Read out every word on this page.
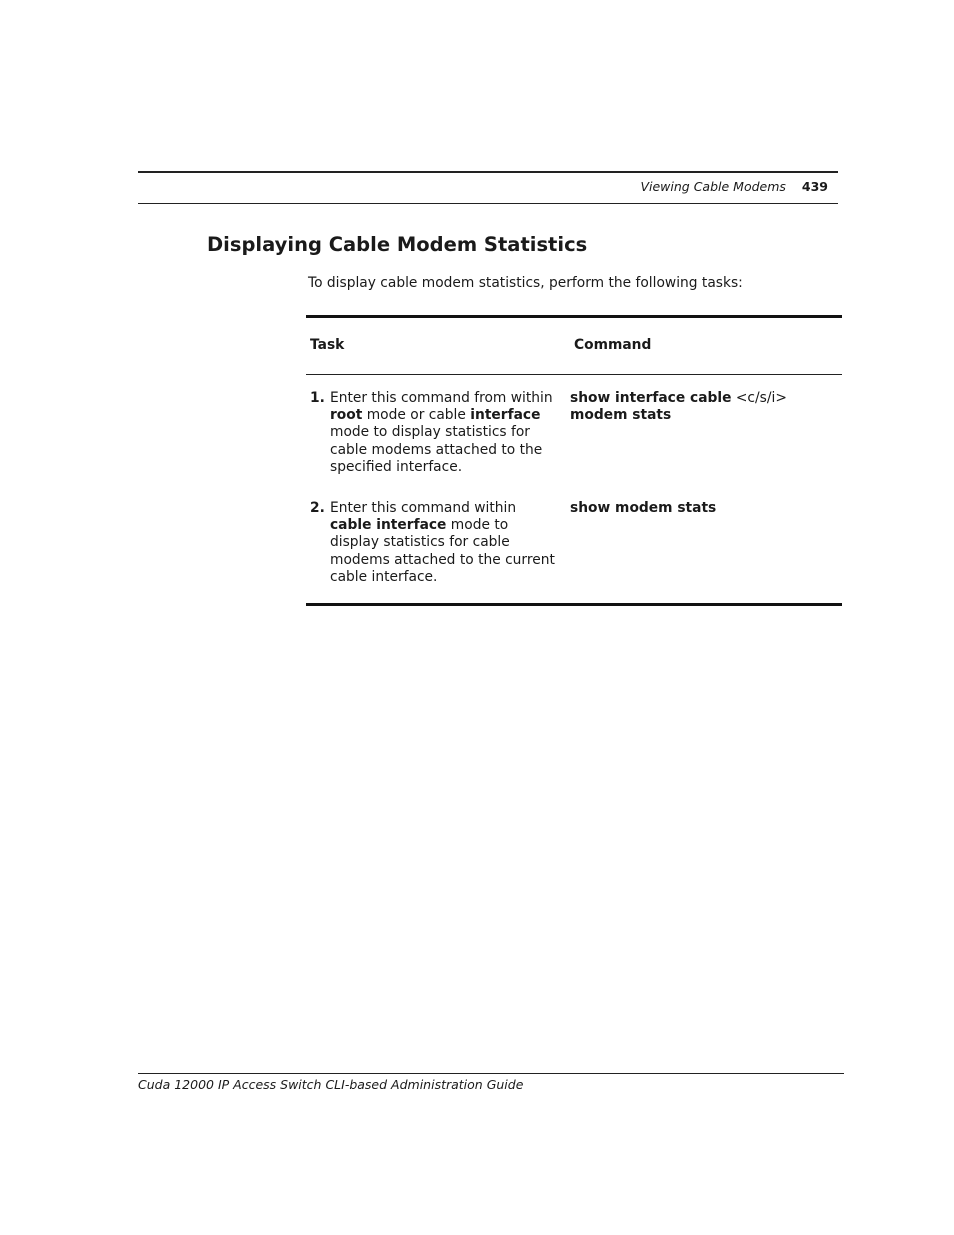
Viewing Cable Modems 439
Displaying Cable Modem Statistics

To display cable modem statistics, perform the following tasks:

Task	Command
1. Enter this command from within root mode or cable interface mode to display statistics for cable modems attached to the specified interface.
show interface cable <c/s/i> modem stats
2. Enter this command within cable interface mode to display statistics for cable modems attached to the current cable interface.
show modem stats
Cuda 12000 IP Access Switch CLI-based Administration Guide
